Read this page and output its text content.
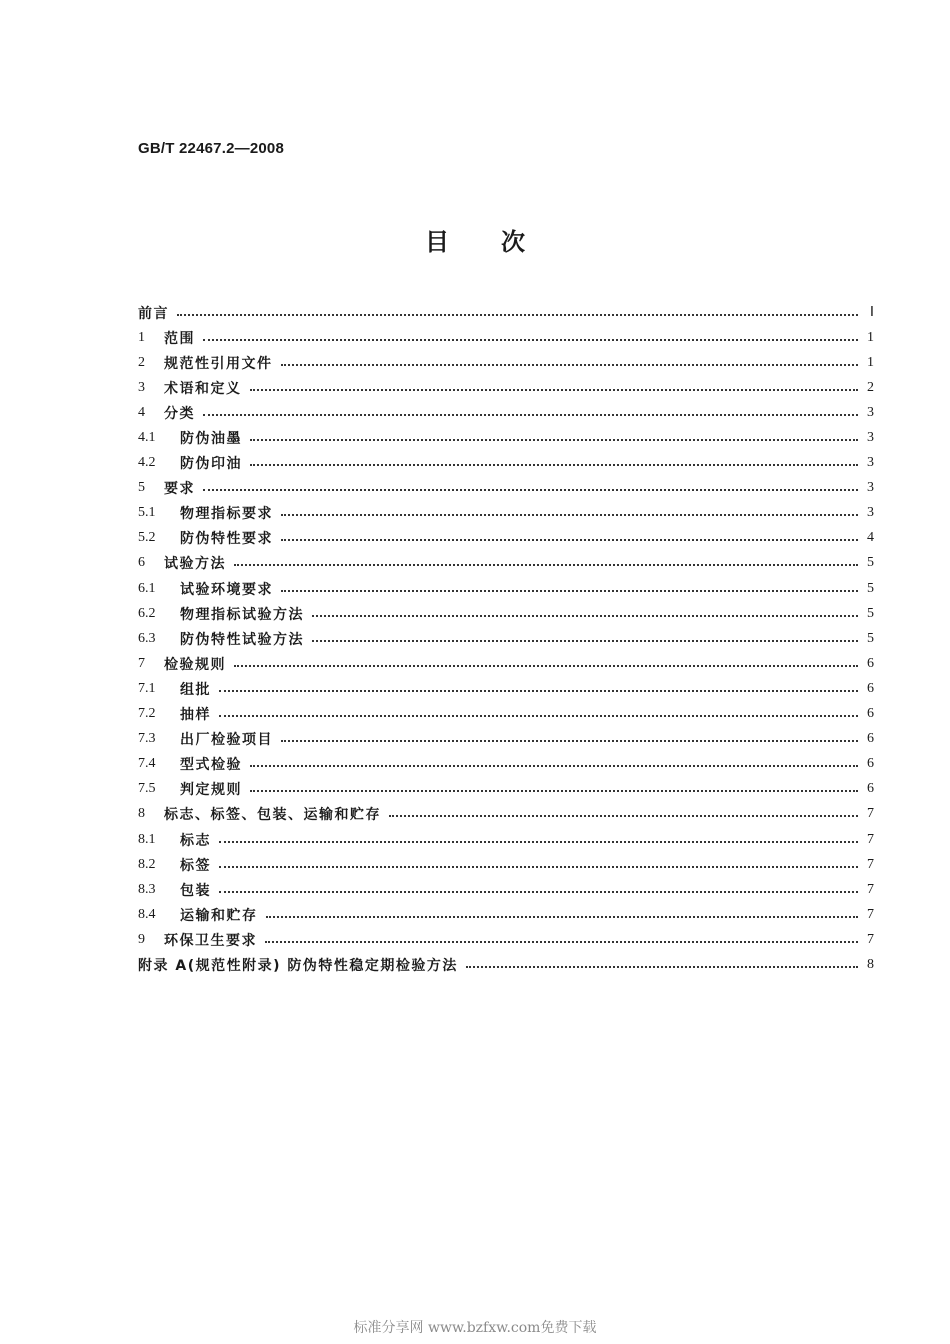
GB/T 22467.2—2008
目 次
前言	Ⅰ
1	范围	1
2	规范性引用文件	1
3	术语和定义	2
4	分类	3
4.1	防伪油墨	3
4.2	防伪印油	3
5	要求	3
5.1	物理指标要求	3
5.2	防伪特性要求	4
6	试验方法	5
6.1	试验环境要求	5
6.2	物理指标试验方法	5
6.3	防伪特性试验方法	5
7	检验规则	6
7.1	组批	6
7.2	抽样	6
7.3	出厂检验项目	6
7.4	型式检验	6
7.5	判定规则	6
8	标志、标签、包装、运输和贮存	7
8.1	标志	7
8.2	标签	7
8.3	包装	7
8.4	运输和贮存	7
9	环保卫生要求	7
附录 A(规范性附录) 防伪特性稳定期检验方法	8
标准分享网 www.bzfxw.com免费下载
